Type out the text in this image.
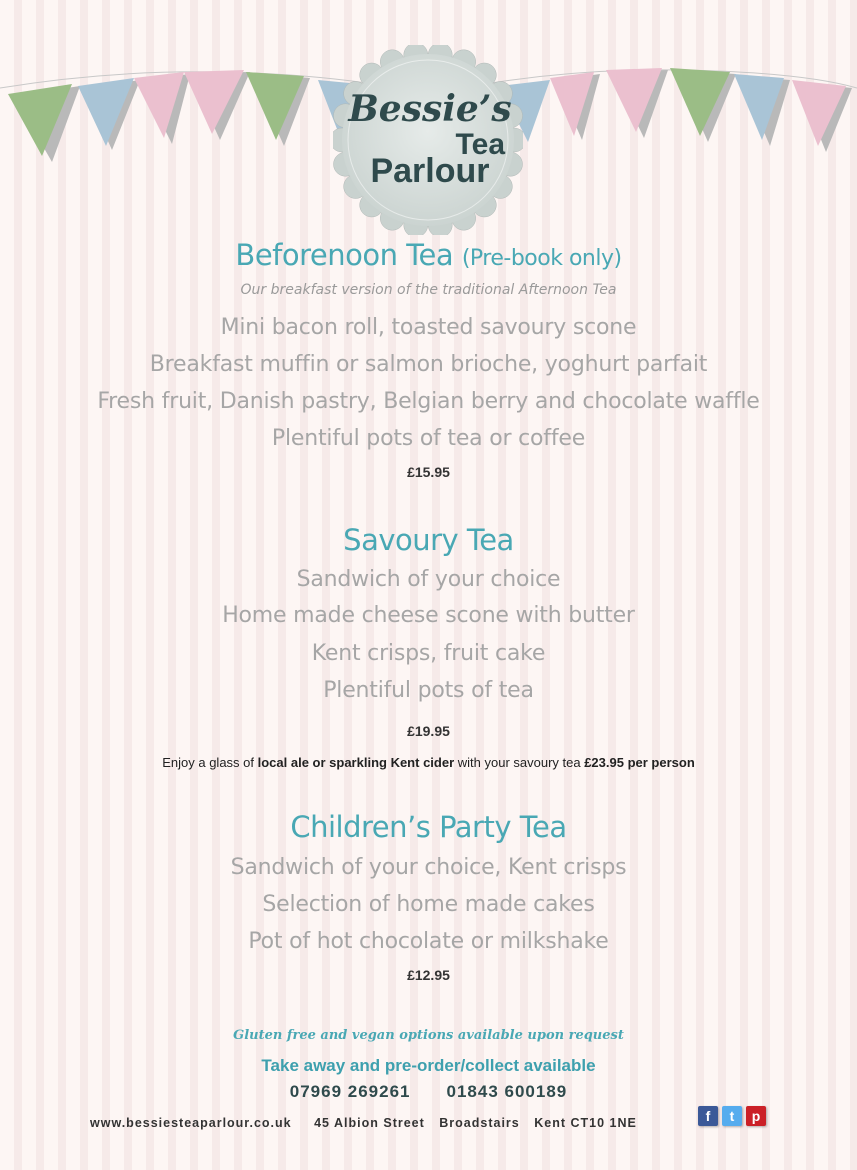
Bessie’s
Tea
Parlour
Beforenoon Tea (Pre-book only)
Our breakfast version of the traditional Afternoon Tea
Mini bacon roll, toasted savoury scone
Breakfast muffin or salmon brioche, yoghurt parfait
Fresh fruit, Danish pastry, Belgian berry and chocolate waffle
Plentiful pots of tea or coffee
£15.95
Savoury Tea
Sandwich of your choice
Home made cheese scone with butter
Kent crisps, fruit cake
Plentiful pots of tea
£19.95
Enjoy a glass of local ale or sparkling Kent cider with your savoury tea £23.95 per person
Children’s Party Tea
Sandwich of your choice, Kent crisps
Selection of home made cakes
Pot of hot chocolate or milkshake
£12.95
Gluten free and vegan options available upon request
Take away and pre-order/collect available
07969 269261 01843 600189
www.bessiesteaparlour.co.uk 45 Albion Street Broadstairs Kent CT10 1NE	f	t	p
